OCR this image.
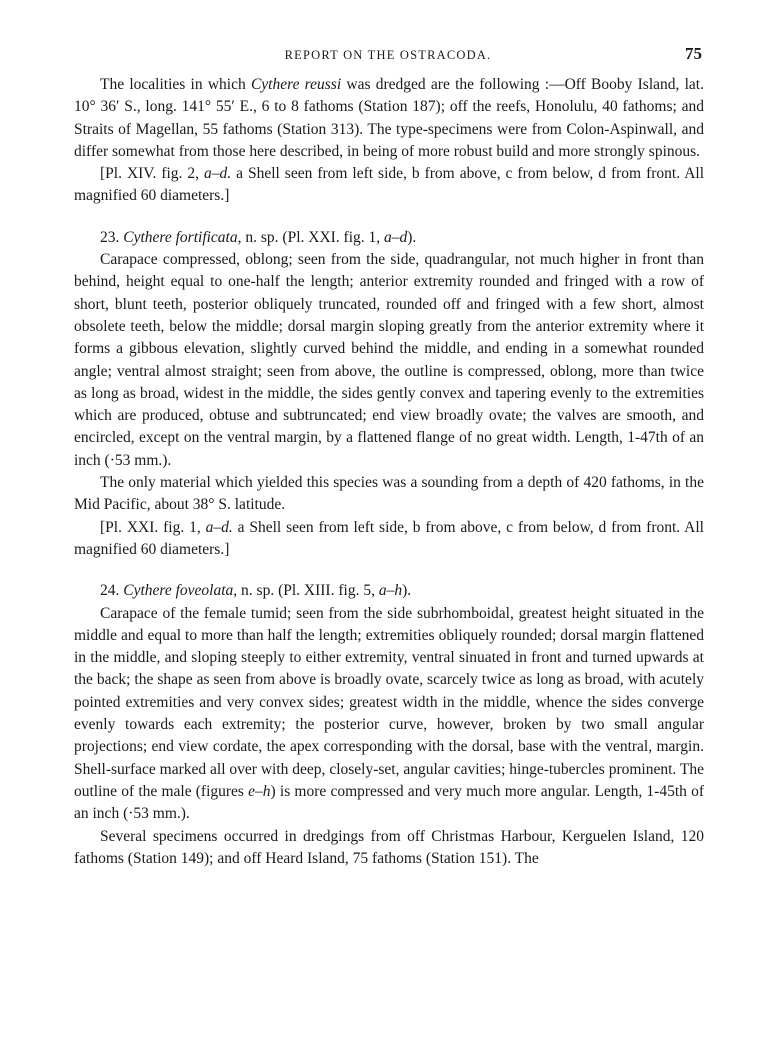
REPORT ON THE OSTRACODA.	75

The localities in which Cythere reussi was dredged are the following :—Off Booby Island, lat. 10° 36′ S., long. 141° 55′ E., 6 to 8 fathoms (Station 187); off the reefs, Honolulu, 40 fathoms; and Straits of Magellan, 55 fathoms (Station 313). The type-specimens were from Colon-Aspinwall, and differ somewhat from those here described, in being of more robust build and more strongly spinous.

[Pl. XIV. fig. 2, a–d. a Shell seen from left side, b from above, c from below, d from front. All magnified 60 diameters.]

23. Cythere fortificata, n. sp. (Pl. XXI. fig. 1, a–d).

Carapace compressed, oblong; seen from the side, quadrangular, not much higher in front than behind, height equal to one-half the length; anterior extremity rounded and fringed with a row of short, blunt teeth, posterior obliquely truncated, rounded off and fringed with a few short, almost obsolete teeth, below the middle; dorsal margin sloping greatly from the anterior extremity where it forms a gibbous elevation, slightly curved behind the middle, and ending in a somewhat rounded angle; ventral almost straight; seen from above, the outline is compressed, oblong, more than twice as long as broad, widest in the middle, the sides gently convex and tapering evenly to the extremities which are produced, obtuse and subtruncated; end view broadly ovate; the valves are smooth, and encircled, except on the ventral margin, by a flattened flange of no great width. Length, 1-47th of an inch (·53 mm.).

The only material which yielded this species was a sounding from a depth of 420 fathoms, in the Mid Pacific, about 38° S. latitude.

[Pl. XXI. fig. 1, a–d. a Shell seen from left side, b from above, c from below, d from front. All magnified 60 diameters.]

24. Cythere foveolata, n. sp. (Pl. XIII. fig. 5, a–h).

Carapace of the female tumid; seen from the side subrhomboidal, greatest height situated in the middle and equal to more than half the length; extremities obliquely rounded; dorsal margin flattened in the middle, and sloping steeply to either extremity, ventral sinuated in front and turned upwards at the back; the shape as seen from above is broadly ovate, scarcely twice as long as broad, with acutely pointed extremities and very convex sides; greatest width in the middle, whence the sides converge evenly towards each extremity; the posterior curve, however, broken by two small angular projections; end view cordate, the apex corresponding with the dorsal, base with the ventral, margin. Shell-surface marked all over with deep, closely-set, angular cavities; hinge-tubercles prominent. The outline of the male (figures e–h) is more compressed and very much more angular. Length, 1-45th of an inch (·53 mm.).

Several specimens occurred in dredgings from off Christmas Harbour, Kerguelen Island, 120 fathoms (Station 149); and off Heard Island, 75 fathoms (Station 151). The
